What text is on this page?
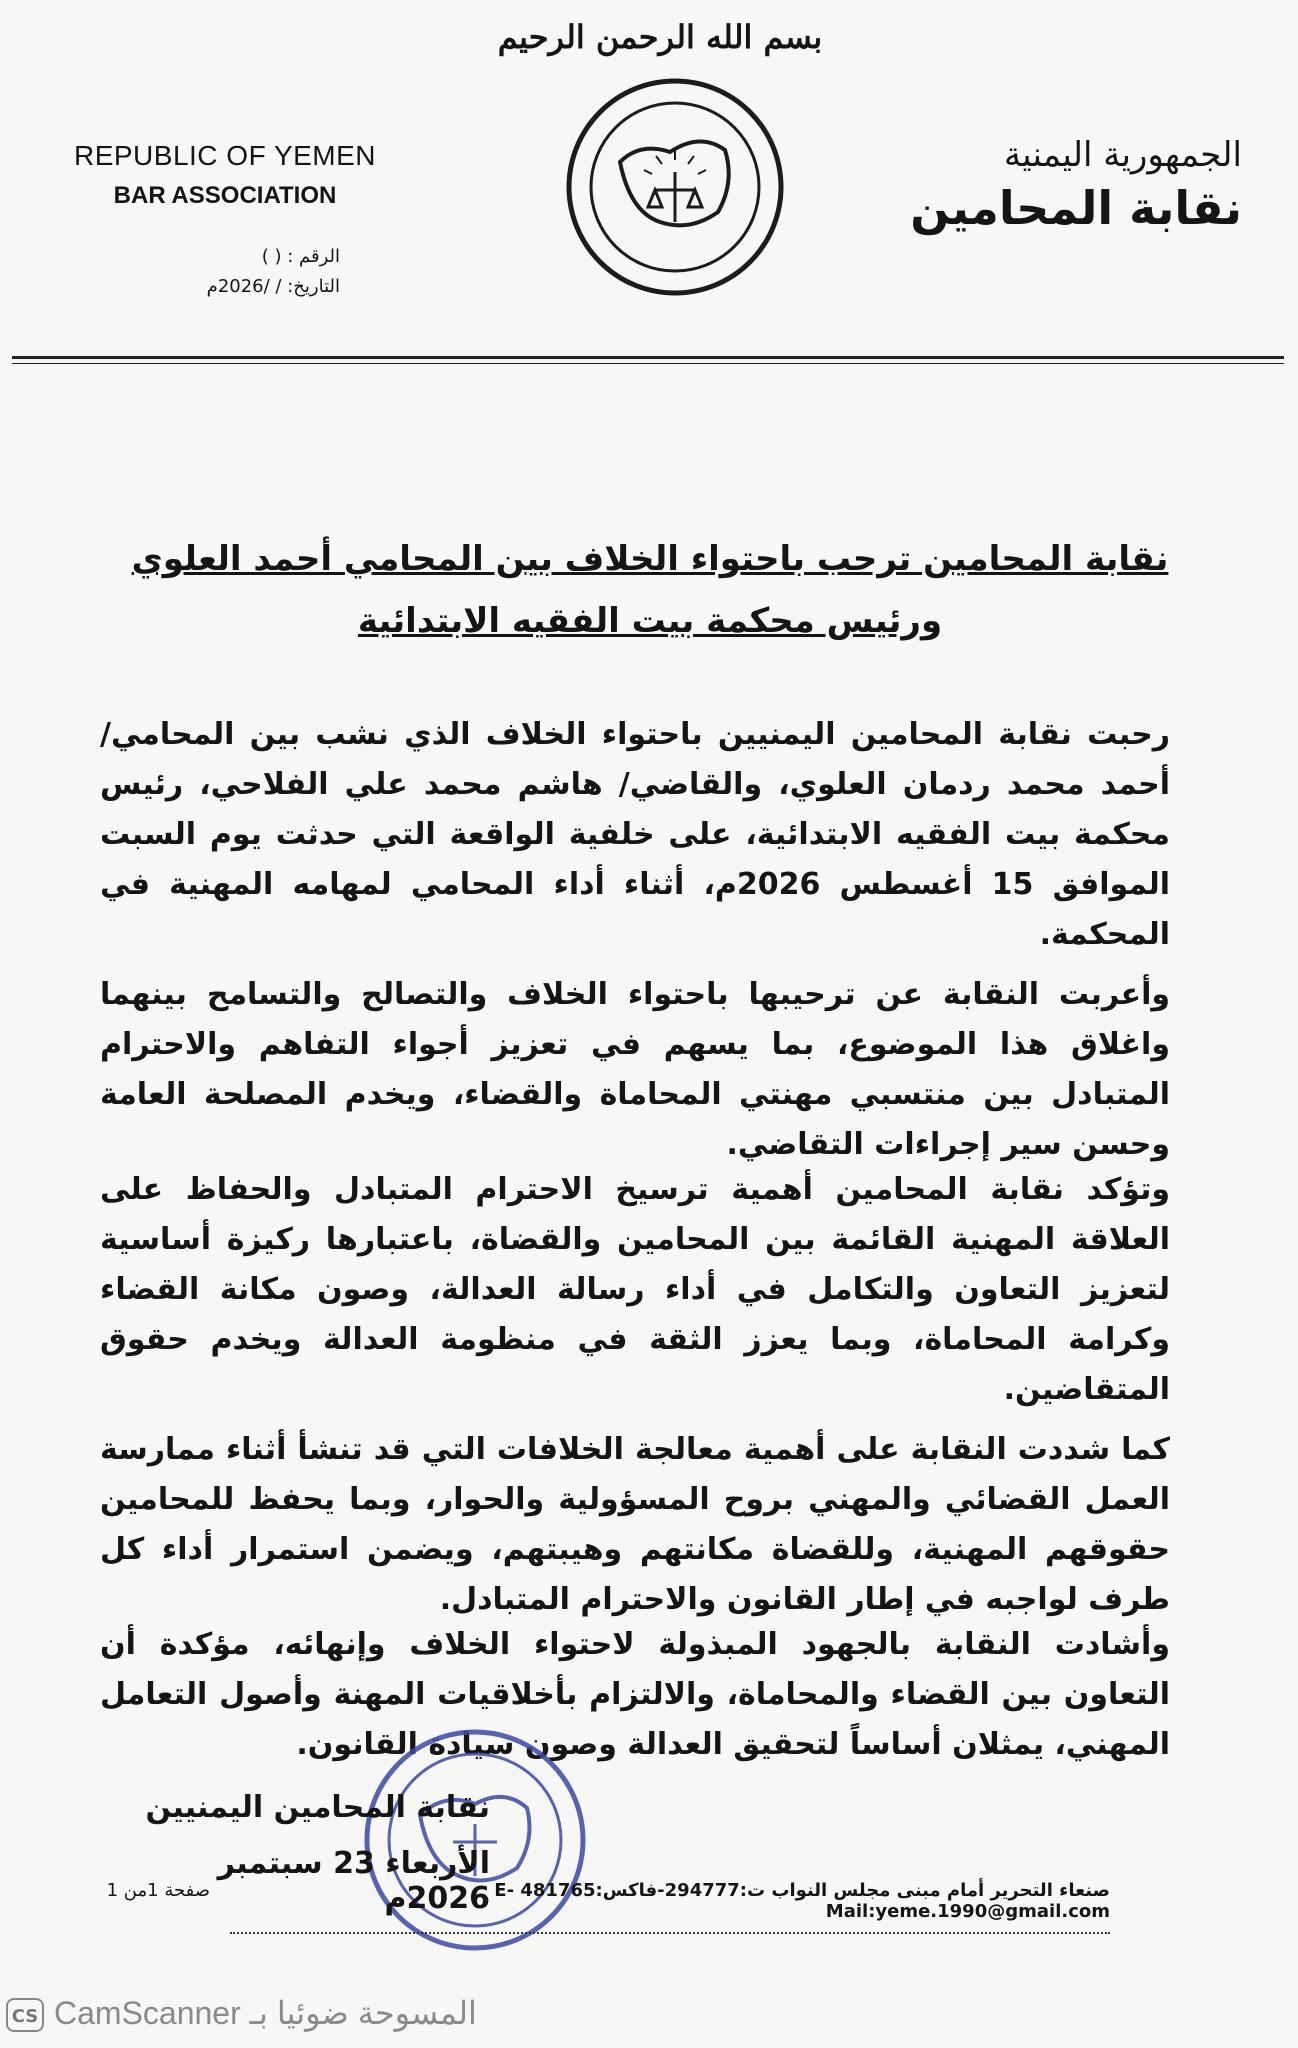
بسم الله الرحمن الرحيم
REPUBLIC OF YEMEN
BAR ASSOCIATION
الجمهورية اليمنية
نقابة المحامين
الرقم : ( )
التاريخ: / /2026م
نقابة المحامين ترحب باحتواء الخلاف بين المحامي أحمد العلوي ورئيس محكمة بيت الفقيه الابتدائية

رحبت نقابة المحامين اليمنيين باحتواء الخلاف الذي نشب بين المحامي/ أحمد محمد ردمان العلوي، والقاضي/ هاشم محمد علي الفلاحي، رئيس محكمة بيت الفقيه الابتدائية، على خلفية الواقعة التي حدثت يوم السبت الموافق 15 أغسطس 2026م، أثناء أداء المحامي لمهامه المهنية في المحكمة.

وأعربت النقابة عن ترحيبها باحتواء الخلاف والتصالح والتسامح بينهما واغلاق هذا الموضوع، بما يسهم في تعزيز أجواء التفاهم والاحترام المتبادل بين منتسبي مهنتي المحاماة والقضاء، ويخدم المصلحة العامة وحسن سير إجراءات التقاضي.

وتؤكد نقابة المحامين أهمية ترسيخ الاحترام المتبادل والحفاظ على العلاقة المهنية القائمة بين المحامين والقضاة، باعتبارها ركيزة أساسية لتعزيز التعاون والتكامل في أداء رسالة العدالة، وصون مكانة القضاء وكرامة المحاماة، وبما يعزز الثقة في منظومة العدالة ويخدم حقوق المتقاضين.

كما شددت النقابة على أهمية معالجة الخلافات التي قد تنشأ أثناء ممارسة العمل القضائي والمهني بروح المسؤولية والحوار، وبما يحفظ للمحامين حقوقهم المهنية، وللقضاة مكانتهم وهيبتهم، ويضمن استمرار أداء كل طرف لواجبه في إطار القانون والاحترام المتبادل.

وأشادت النقابة بالجهود المبذولة لاحتواء الخلاف وإنهائه، مؤكدة أن التعاون بين القضاء والمحاماة، والالتزام بأخلاقيات المهنة وأصول التعامل المهني، يمثلان أساساً لتحقيق العدالة وصون سيادة القانون.

نقابة المحامين اليمنيين
الأربعاء 23 سبتمبر 2026م صنعاء التحرير أمام مبنى مجلس النواب ت:294777-فاكس:481765 E-Mail:yeme.1990@gmail.com
صفحة 1من 1
CS CamScanner المسوحة ضوئيا بـ
